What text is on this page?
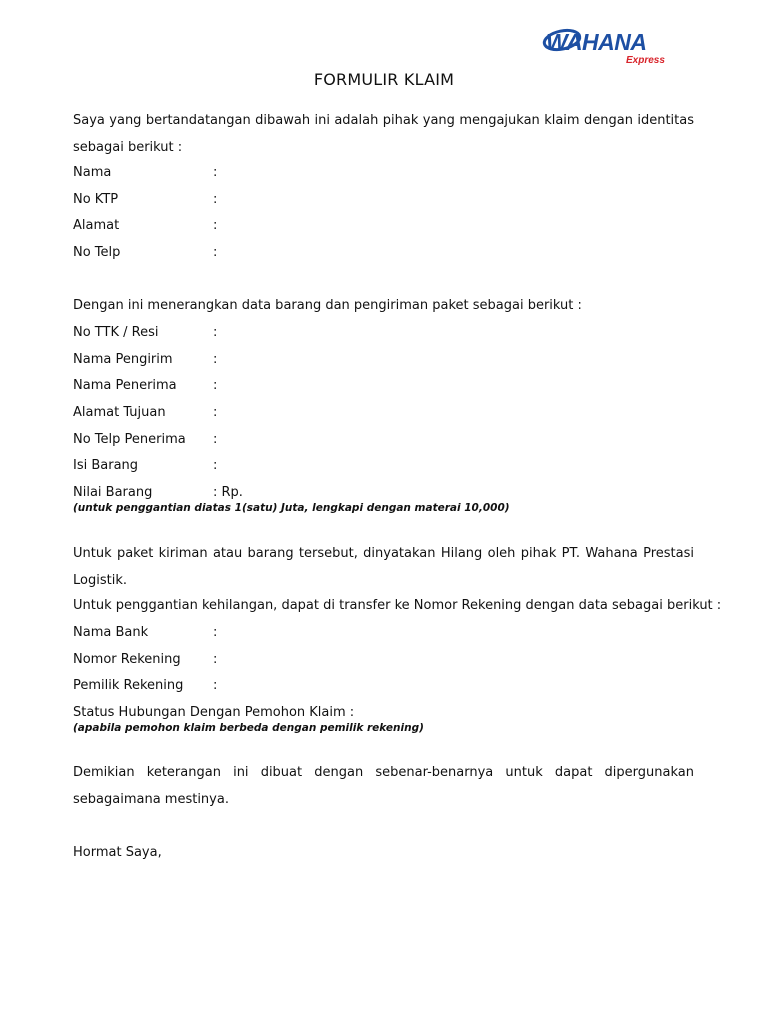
WAHANA
Express
FORMULIR KLAIM
Saya yang bertandatangan dibawah ini adalah pihak yang mengajukan klaim dengan identitas sebagai berikut :
Nama	:
No KTP	:
Alamat	:
No Telp	:
Dengan ini menerangkan data barang dan pengiriman paket sebagai berikut :
No TTK / Resi	:
Nama Pengirim	:
Nama Penerima	:
Alamat Tujuan	:
No Telp Penerima :
Isi Barang	:
Nilai Barang	: Rp.
(untuk penggantian diatas 1(satu) Juta, lengkapi dengan materai 10,000)
Untuk paket kiriman atau barang tersebut, dinyatakan Hilang oleh pihak PT. Wahana Prestasi Logistik.
Untuk penggantian kehilangan, dapat di transfer ke Nomor Rekening dengan data sebagai berikut :
Nama Bank	:
Nomor Rekening :
Pemilik Rekening :
Status Hubungan Dengan Pemohon Klaim :
(apabila pemohon klaim berbeda dengan pemilik rekening)
Demikian keterangan ini dibuat dengan sebenar-benarnya untuk dapat dipergunakan sebagaimana mestinya.
Hormat Saya,
